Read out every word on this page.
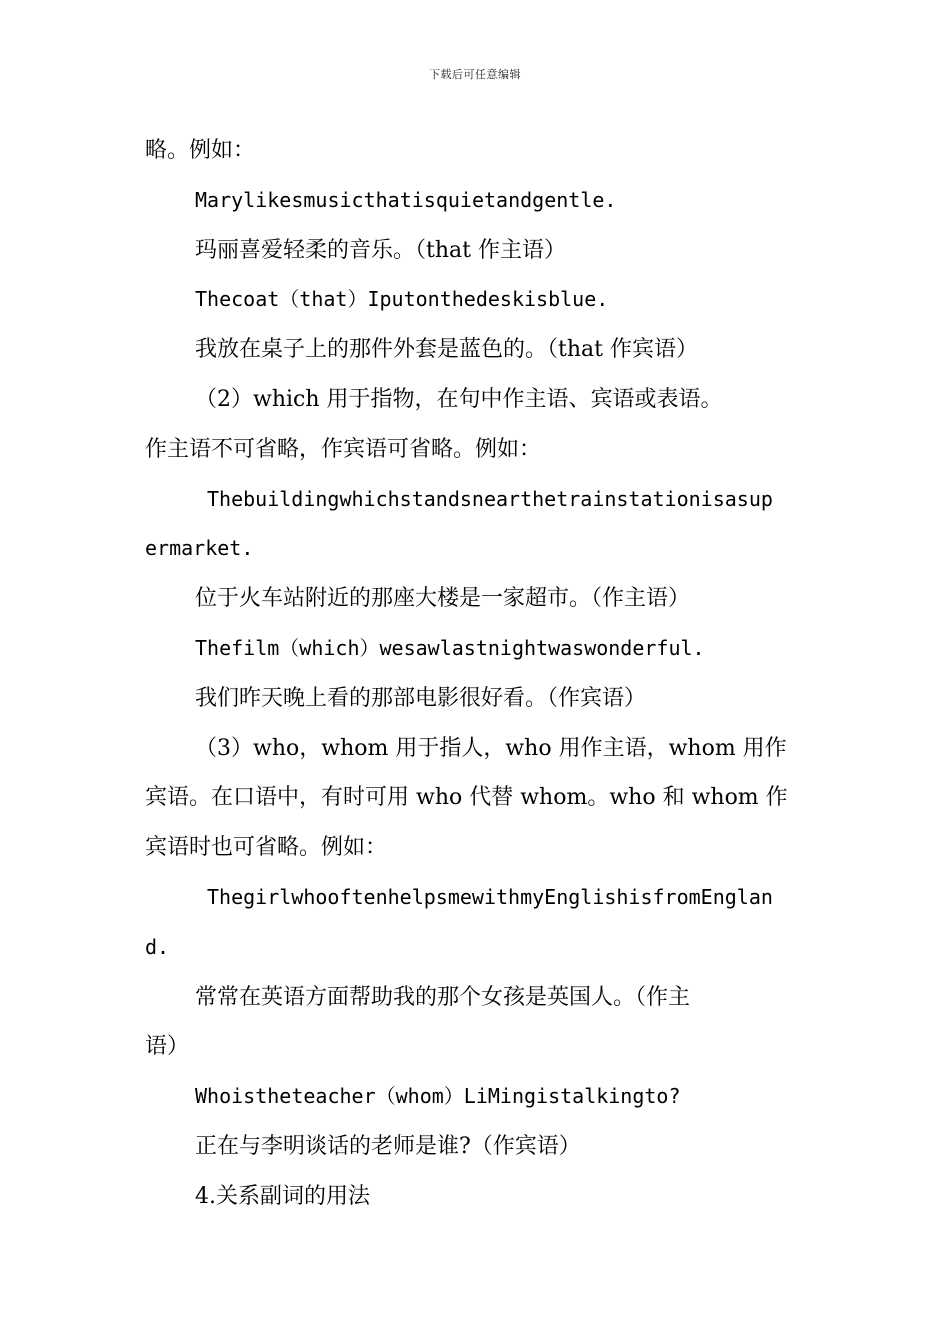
下载后可任意编辑
略。例如：
Marylikesmusicthatisquietandgentle.
玛丽喜爱轻柔的音乐。（that 作主语）
Thecoat（that）Iputonthedeskisblue.
我放在桌子上的那件外套是蓝色的。（that 作宾语）
（2）which 用于指物，在句中作主语、宾语或表语。
作主语不可省略，作宾语可省略。例如：
Thebuildingwhichstandsnearthetrainstationisasup
ermarket.
位于火车站附近的那座大楼是一家超市。（作主语）
Thefilm（which）wesawlastnightwaswonderful.
我们昨天晚上看的那部电影很好看。（作宾语）
（3）who，whom 用于指人，who 用作主语，whom 用作
宾语。在口语中，有时可用 who 代替 whom。who 和 whom 作
宾语时也可省略。例如：
ThegirlwhooftenhelpsmewithmyEnglishisfromEnglan
d.
常常在英语方面帮助我的那个女孩是英国人。（作主
语）
Whoistheteacher（whom）LiMingistalkingto?
正在与李明谈话的老师是谁?（作宾语）
4.关系副词的用法
